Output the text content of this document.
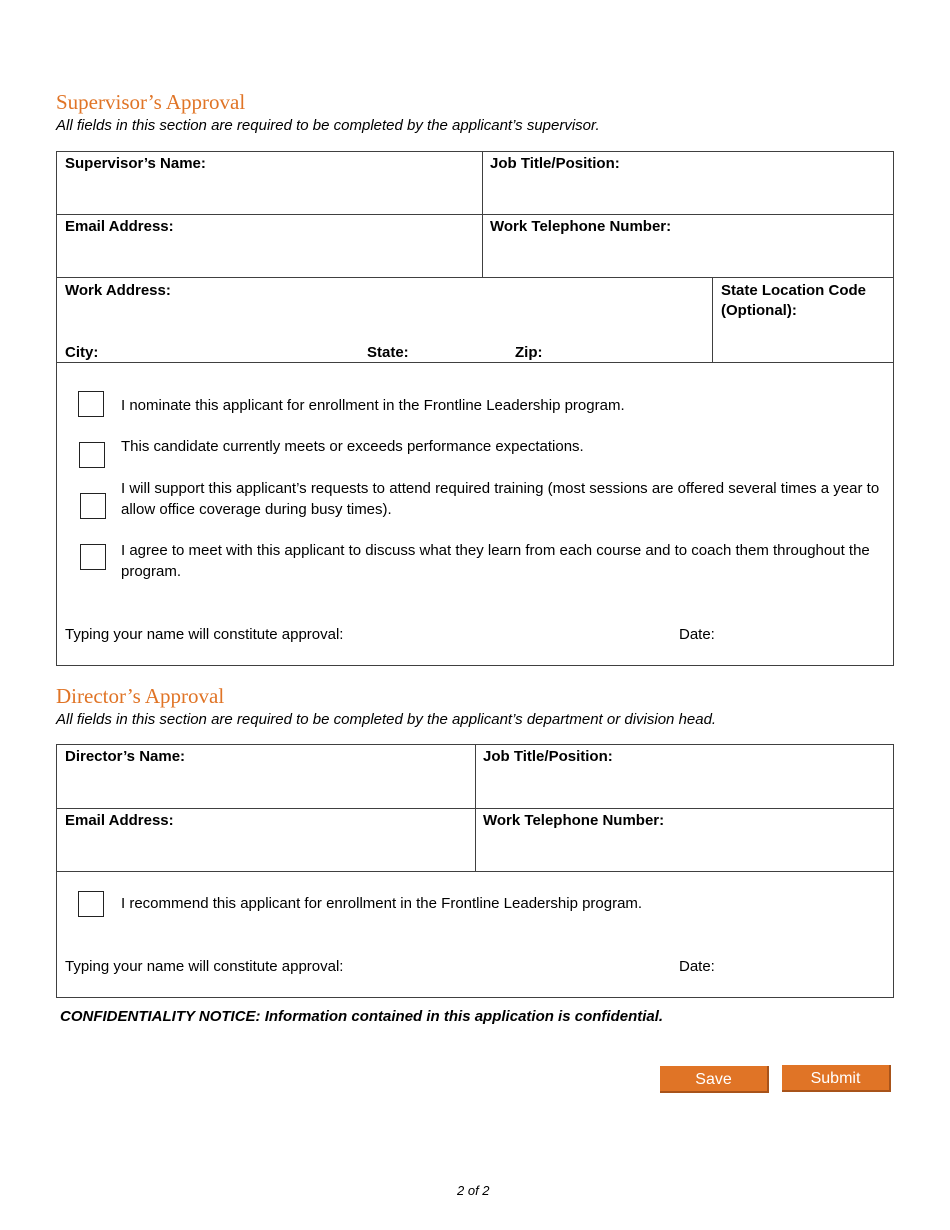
Supervisor’s Approval
All fields in this section are required to be completed by the applicant’s supervisor.
Supervisor’s Name:	Job Title/Position:
Email Address:	Work Telephone Number:
Work Address:	State Location Code
(Optional):
City:	State:	Zip:
I nominate this applicant for enrollment in the Frontline Leadership program.
This candidate currently meets or exceeds performance expectations.
I will support this applicant’s requests to attend required training (most sessions are offered several times a year to allow office coverage during busy times).
I agree to meet with this applicant to discuss what they learn from each course and to coach them throughout the program.
Typing your name will constitute approval:	Date:
Director’s Approval
All fields in this section are required to be completed by the applicant’s department or division head.
Director’s Name:	Job Title/Position:
Email Address:	Work Telephone Number:
I recommend this applicant for enrollment in the Frontline Leadership program.
Typing your name will constitute approval:	Date:
CONFIDENTIALITY NOTICE: Information contained in this application is confidential.
Save	Submit
2 of 2
